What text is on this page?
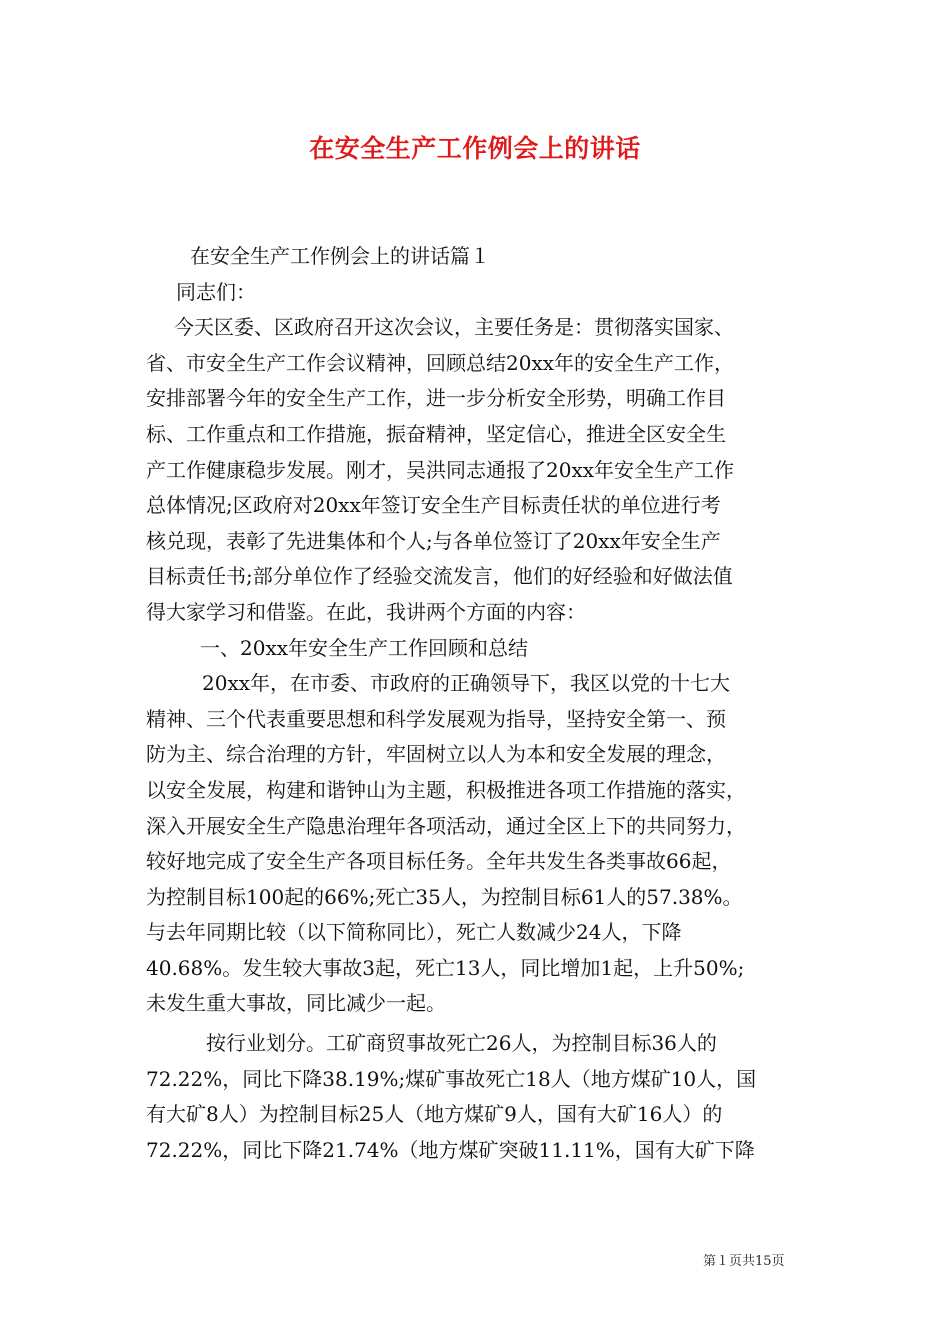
在安全生产工作例会上的讲话
在安全生产工作例会上的讲话篇１
同志们：
今天区委、区政府召开这次会议，主要任务是：贯彻落实国家、
省、市安全生产工作会议精神，回顾总结20xx年的安全生产工作，
安排部署今年的安全生产工作，进一步分析安全形势，明确工作目
标、工作重点和工作措施，振奋精神，坚定信心，推进全区安全生
产工作健康稳步发展。刚才，吴洪同志通报了20xx年安全生产工作
总体情况;区政府对20xx年签订安全生产目标责任状的单位进行考
核兑现，表彰了先进集体和个人;与各单位签订了20xx年安全生产
目标责任书;部分单位作了经验交流发言，他们的好经验和好做法值
得大家学习和借鉴。在此，我讲两个方面的内容：
一、20xx年安全生产工作回顾和总结
20xx年，在市委、市政府的正确领导下，我区以党的十七大
精神、三个代表重要思想和科学发展观为指导，坚持安全第一、预
防为主、综合治理的方针，牢固树立以人为本和安全发展的理念，
以安全发展，构建和谐钟山为主题，积极推进各项工作措施的落实，
深入开展安全生产隐患治理年各项活动，通过全区上下的共同努力，
较好地完成了安全生产各项目标任务。全年共发生各类事故66起，
为控制目标100起的66%;死亡35人，为控制目标61人的57.38%。
与去年同期比较（以下简称同比），死亡人数减少24人，下降
40.68%。发生较大事故3起，死亡13人，同比增加1起，上升50%;
未发生重大事故，同比减少一起。
按行业划分。工矿商贸事故死亡26人，为控制目标36人的
72.22%，同比下降38.19%;煤矿事故死亡18人（地方煤矿10人，国
有大矿8人）为控制目标25人（地方煤矿9人，国有大矿16人）的
72.22%，同比下降21.74%（地方煤矿突破11.11%，国有大矿下降
第１页共15页
